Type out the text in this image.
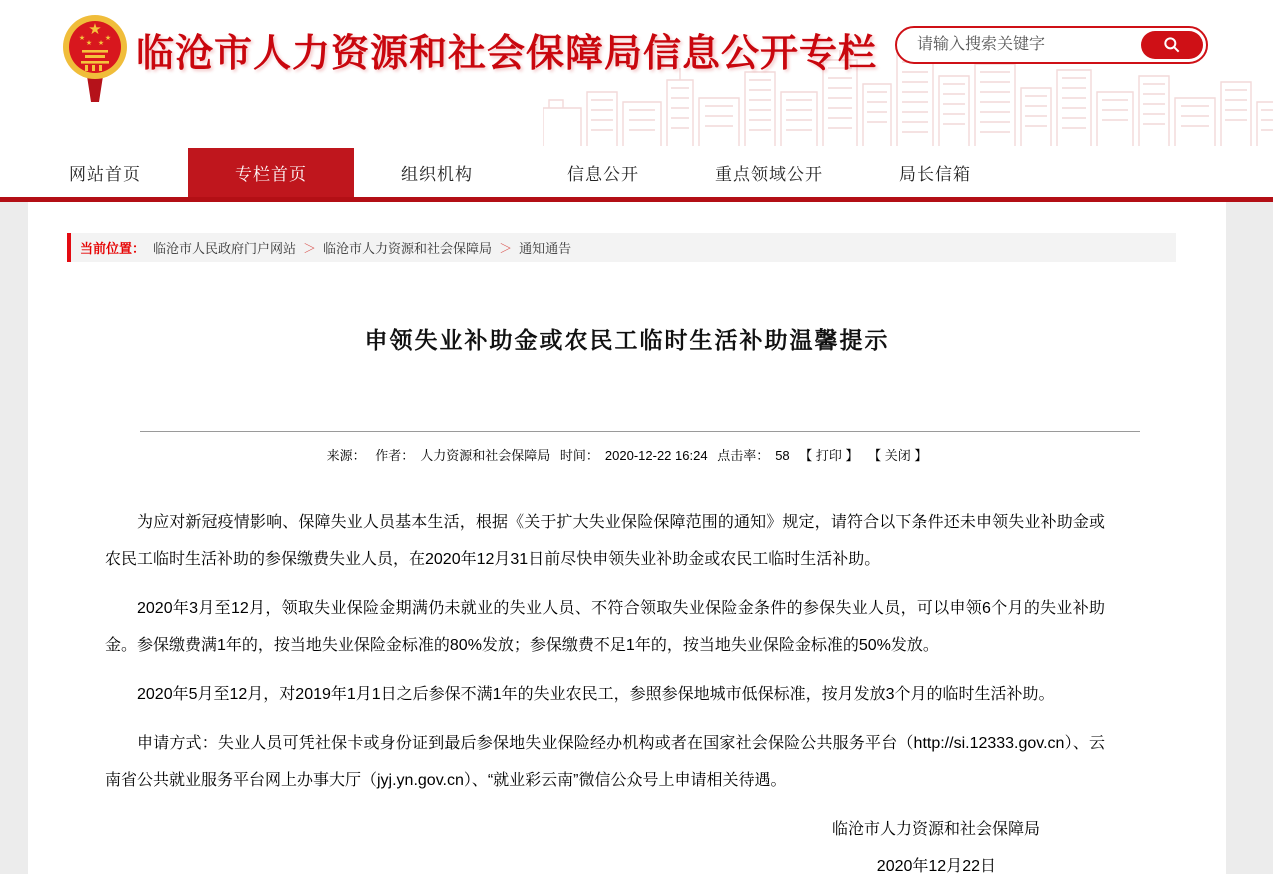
★
★
★ ★
★ 临沧市人力资源和社会保障局信息公开专栏
请输入搜索关键字
网站首页	专栏首页	组织机构	信息公开	重点领域公开	局长信箱
当前位置： 临沧市人民政府门户网站 ＞ 临沧市人力资源和社会保障局 ＞ 通知通告
申领失业补助金或农民工临时生活补助温馨提示
来源： 作者： 人力资源和社会保障局 时间： 2020-12-22 16:24 点击率： 58 【 打印 】 【 关闭 】

为应对新冠疫情影响、保障失业人员基本生活，根据《关于扩大失业保险保障范围的通知》规定，请符合以下条件还未申领失业补助金或农民工临时生活补助的参保缴费失业人员，在2020年12月31日前尽快申领失业补助金或农民工临时生活补助。

2020年3月至12月，领取失业保险金期满仍未就业的失业人员、不符合领取失业保险金条件的参保失业人员，可以申领6个月的失业补助金。参保缴费满1年的，按当地失业保险金标准的80%发放；参保缴费不足1年的，按当地失业保险金标准的50%发放。

2020年5月至12月，对2019年1月1日之后参保不满1年的失业农民工，参照参保地城市低保标准，按月发放3个月的临时生活补助。

申请方式：失业人员可凭社保卡或身份证到最后参保地失业保险经办机构或者在国家社会保险公共服务平台（http://si.12333.gov.cn）、云南省公共就业服务平台网上办事大厅（jyj.yn.gov.cn）、“就业彩云南”微信公众号上申请相关待遇。

临沧市人力资源和社会保障局
2020年12月22日
